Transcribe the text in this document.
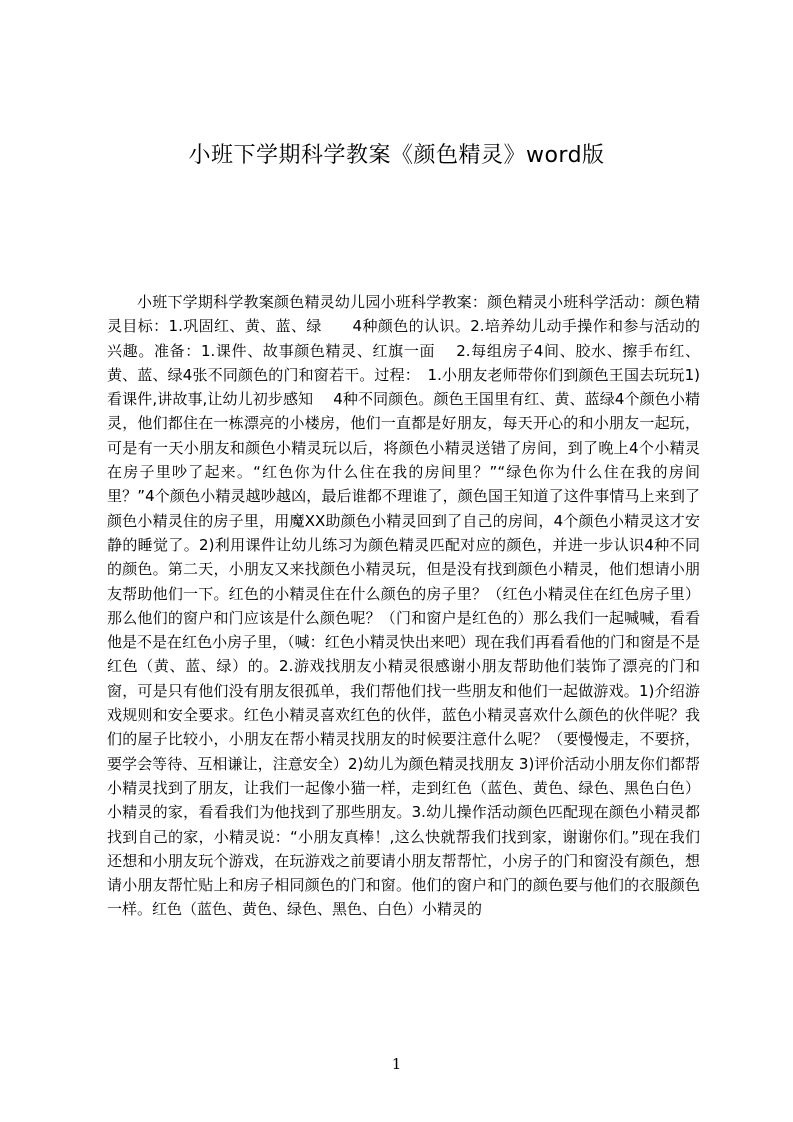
小班下学期科学教案《颜色精灵》word版

小班下学期科学教案颜色精灵幼儿园小班科学教案：颜色精灵小班科学活动：颜色精灵目标：1.巩固红、黄、蓝、绿　　4种颜色的认识。2.培养幼儿动手操作和参与活动的兴趣。准备：1.课件、故事颜色精灵、红旗一面　 2.每组房子4间、胶水、擦手布红、黄、蓝、绿4张不同颜色的门和窗若干。过程：　1.小朋友老师带你们到颜色王国去玩玩1)看课件,讲故事,让幼儿初步感知　 4种不同颜色。颜色王国里有红、黄、蓝绿4个颜色小精灵，他们都住在一栋漂亮的小楼房，他们一直都是好朋友，每天开心的和小朋友一起玩，可是有一天小朋友和颜色小精灵玩以后，将颜色小精灵送错了房间，到了晚上4个小精灵在房子里吵了起来。“红色你为什么住在我的房间里？”“绿色你为什么住在我的房间里？”4个颜色小精灵越吵越凶，最后谁都不理谁了，颜色国王知道了这件事情马上来到了颜色小精灵住的房子里，用魔XX助颜色小精灵回到了自己的房间，4个颜色小精灵这才安静的睡觉了。2)利用课件让幼儿练习为颜色精灵匹配对应的颜色，并进一步认识4种不同的颜色。第二天，小朋友又来找颜色小精灵玩，但是没有找到颜色小精灵，他们想请小朋友帮助他们一下。红色的小精灵住在什么颜色的房子里？（红色小精灵住在红色房子里）那么他们的窗户和门应该是什么颜色呢？（门和窗户是红色的）那么我们一起喊喊，看看他是不是在红色小房子里，（喊：红色小精灵快出来吧）现在我们再看看他的门和窗是不是红色（黄、蓝、绿）的。2.游戏找朋友小精灵很感谢小朋友帮助他们装饰了漂亮的门和窗，可是只有他们没有朋友很孤单，我们帮他们找一些朋友和他们一起做游戏。1)介绍游戏规则和安全要求。红色小精灵喜欢红色的伙伴，蓝色小精灵喜欢什么颜色的伙伴呢？我们的屋子比较小，小朋友在帮小精灵找朋友的时候要注意什么呢？（要慢慢走，不要挤，要学会等待、互相谦让，注意安全）2)幼儿为颜色精灵找朋友 3)评价活动小朋友你们都帮小精灵找到了朋友，让我们一起像小猫一样，走到红色（蓝色、黄色、绿色、黑色白色）小精灵的家，看看我们为他找到了那些朋友。3.幼儿操作活动颜色匹配现在颜色小精灵都找到自己的家，小精灵说：“小朋友真棒！,这么快就帮我们找到家，谢谢你们。”现在我们还想和小朋友玩个游戏，在玩游戏之前要请小朋友帮帮忙，小房子的门和窗没有颜色，想请小朋友帮忙贴上和房子相同颜色的门和窗。他们的窗户和门的颜色要与他们的衣服颜色一样。红色（蓝色、黄色、绿色、黑色、白色）小精灵的

1
